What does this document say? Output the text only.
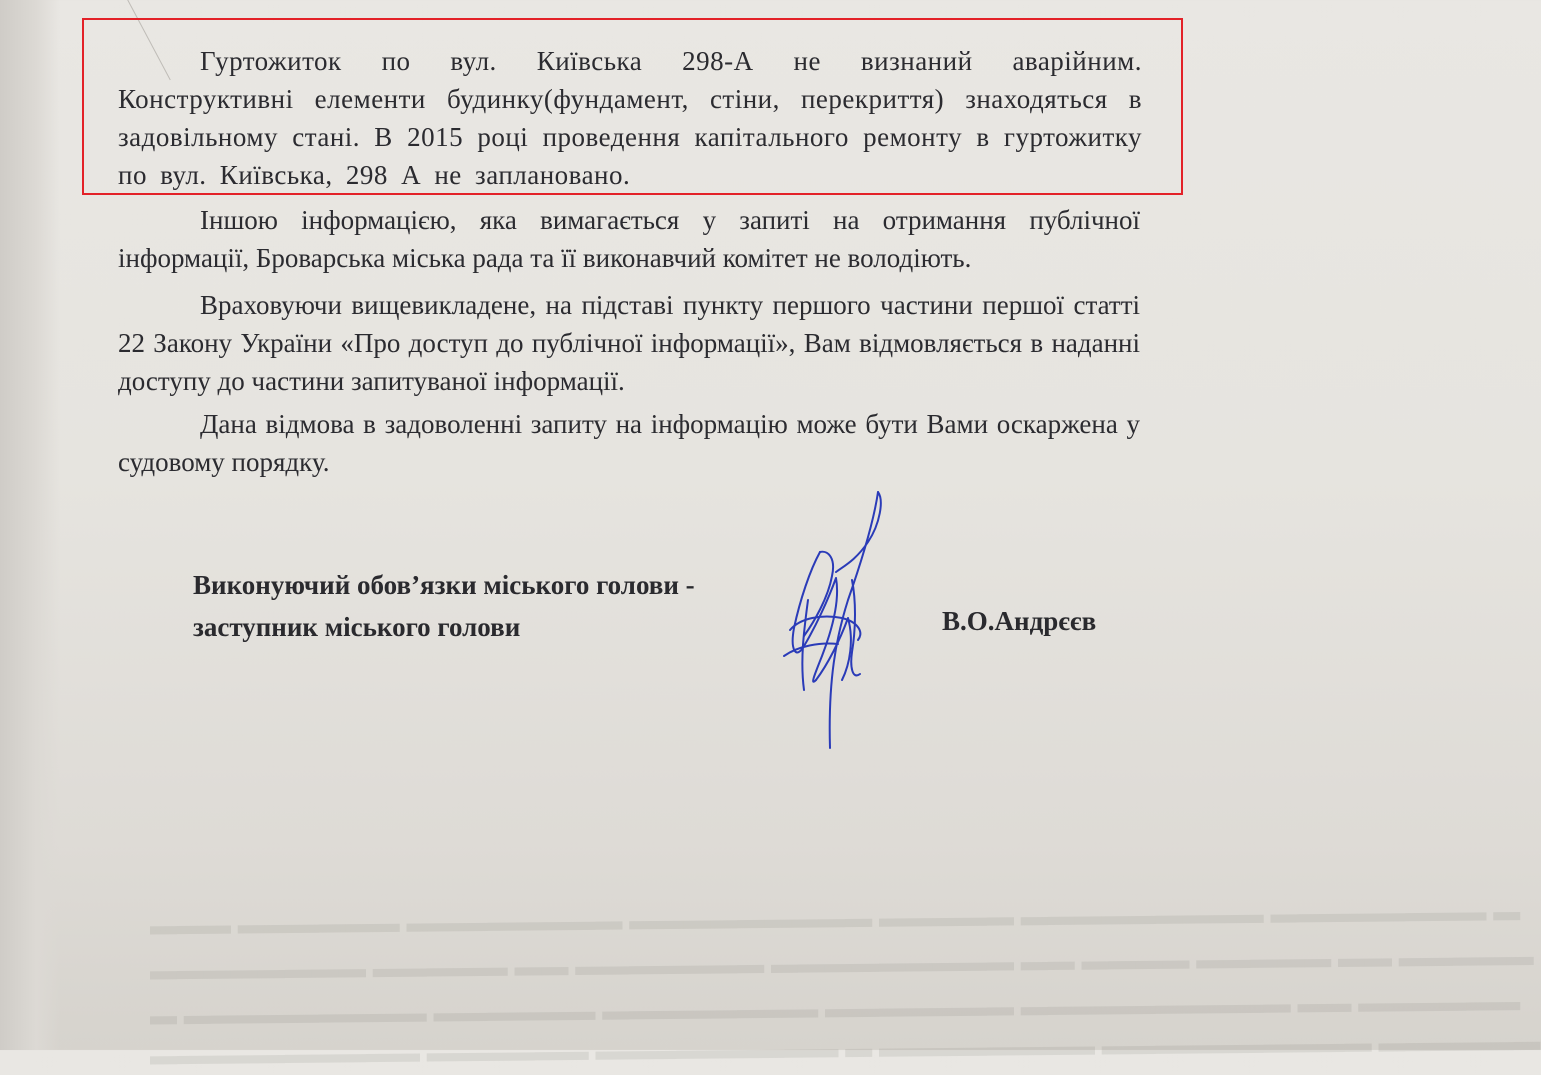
Гуртожиток по вул. Київська 298-А не визнаний аварійним. Конструктивні елементи будинку(фундамент, стіни, перекриття) знаходяться в задовільному стані. В 2015 році проведення капітального ремонту в гуртожитку по вул. Київська, 298 А не заплановано.

Іншою інформацією, яка вимагається у запиті на отримання публічної інформації, Броварська міська рада та її виконавчий комітет не володіють.

Враховуючи вищевикладене, на підставі пункту першого частини першої статті 22 Закону України «Про доступ до публічної інформації», Вам відмовляється в наданні доступу до частини запитуваної інформації.

Дана відмова в задоволенні запиту на інформацію може бути Вами оскаржена у судовому порядку.

Виконуючий обов’язки міського голови -
заступник міського голови	В.О.Андрєєв
▬▬▬ ▬▬▬▬▬▬ ▬▬▬▬▬▬▬▬ ▬▬▬▬▬▬▬▬▬ ▬▬▬▬▬ ▬▬▬▬▬▬▬▬▬ ▬▬▬▬▬▬▬▬ ▬
▬▬▬▬▬▬▬▬ ▬▬▬▬▬ ▬▬ ▬▬▬▬▬▬▬ ▬▬▬▬▬▬▬▬▬ ▬▬ ▬▬▬▬ ▬▬▬▬▬ ▬▬ ▬▬▬▬▬
▬ ▬▬▬▬▬▬▬▬▬ ▬▬▬▬▬▬ ▬▬▬▬▬▬▬▬ ▬▬▬▬▬▬▬ ▬▬▬▬▬▬▬▬▬▬ ▬▬ ▬▬▬▬▬▬
▬▬▬▬▬▬▬▬▬▬ ▬▬▬▬▬▬ ▬▬▬▬▬▬▬▬▬ ▬ ▬▬▬▬▬▬▬▬ ▬▬▬▬▬▬▬▬▬▬ ▬▬▬▬▬▬
